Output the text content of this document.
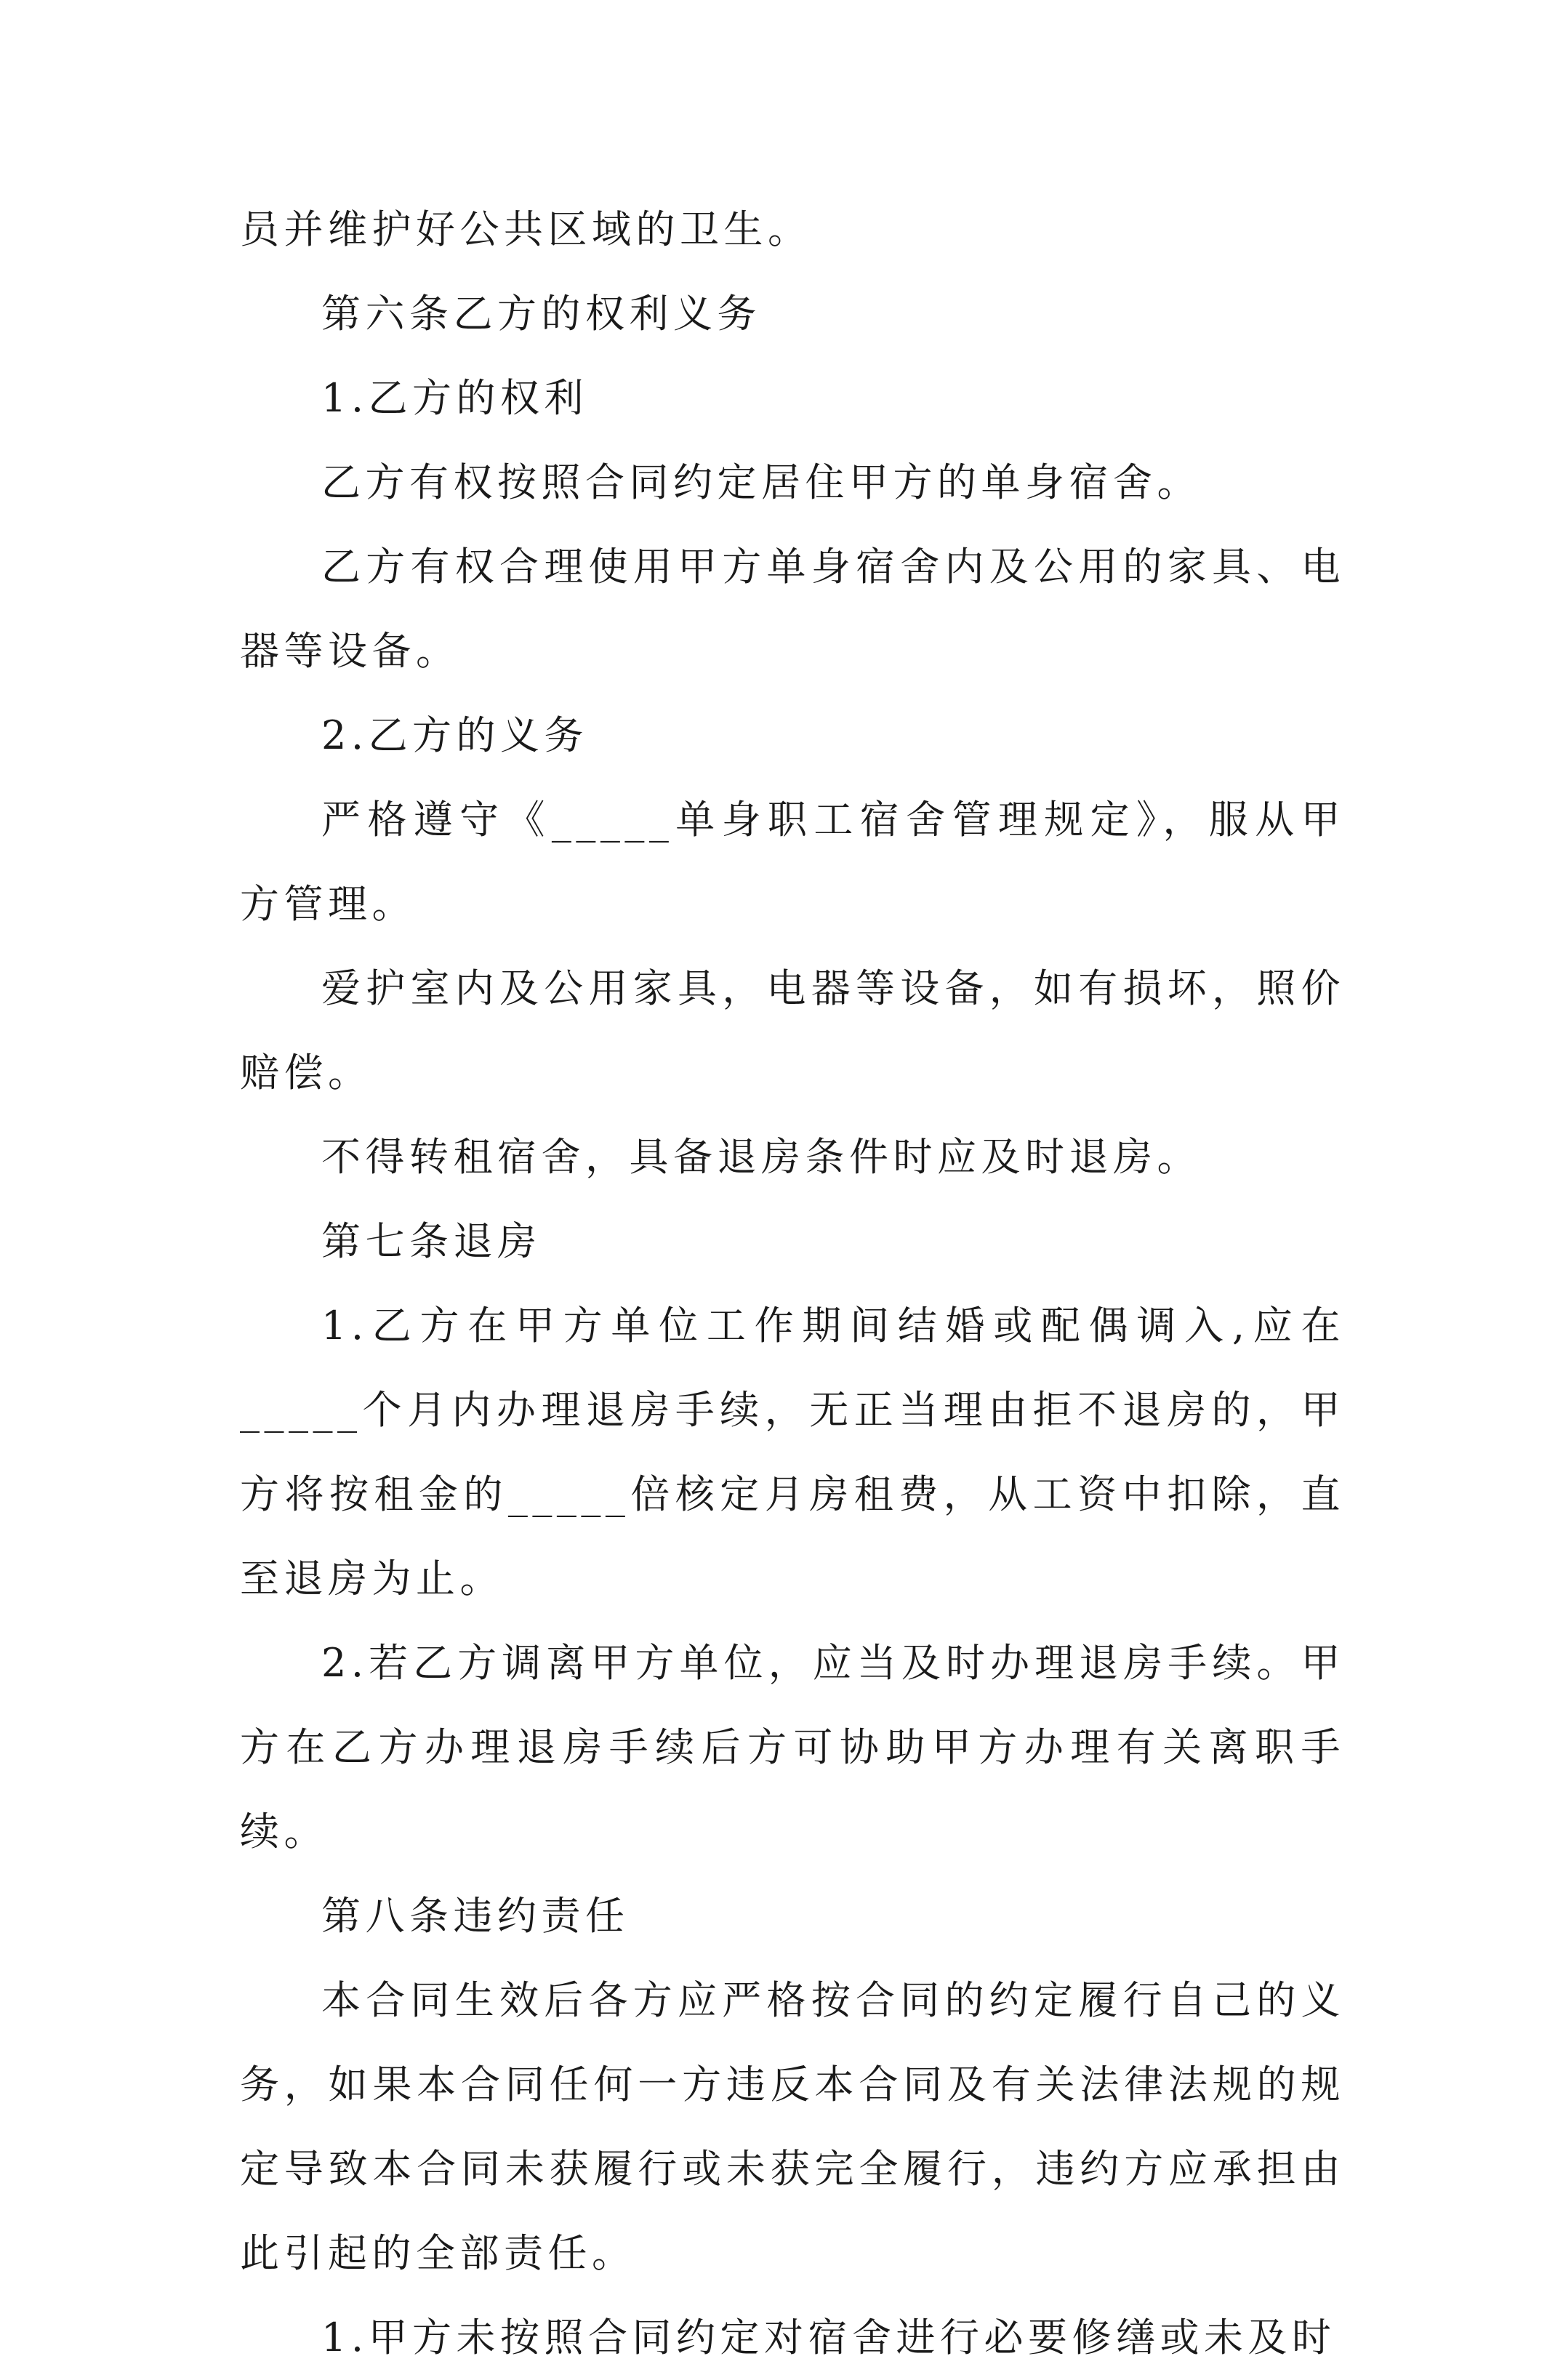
员并维护好公共区域的卫生。

第六条乙方的权利义务

1.乙方的权利

乙方有权按照合同约定居住甲方的单身宿舍。

乙方有权合理使用甲方单身宿舍内及公用的家具、电器等设备。

2.乙方的义务

严格遵守《_____单身职工宿舍管理规定》，服从甲方管理。

爱护室内及公用家具，电器等设备，如有损坏，照价赔偿。

不得转租宿舍，具备退房条件时应及时退房。

第七条退房

1.乙方在甲方单位工作期间结婚或配偶调入,应在_____个月内办理退房手续，无正当理由拒不退房的，甲方将按租金的_____倍核定月房租费，从工资中扣除，直至退房为止。

2.若乙方调离甲方单位，应当及时办理退房手续。甲方在乙方办理退房手续后方可协助甲方办理有关离职手续。

第八条违约责任

本合同生效后各方应严格按合同的约定履行自己的义务，如果本合同任何一方违反本合同及有关法律法规的规定导致本合同未获履行或未获完全履行，违约方应承担由此引起的全部责任。

1.甲方未按照合同约定对宿舍进行必要修缮或未及时
